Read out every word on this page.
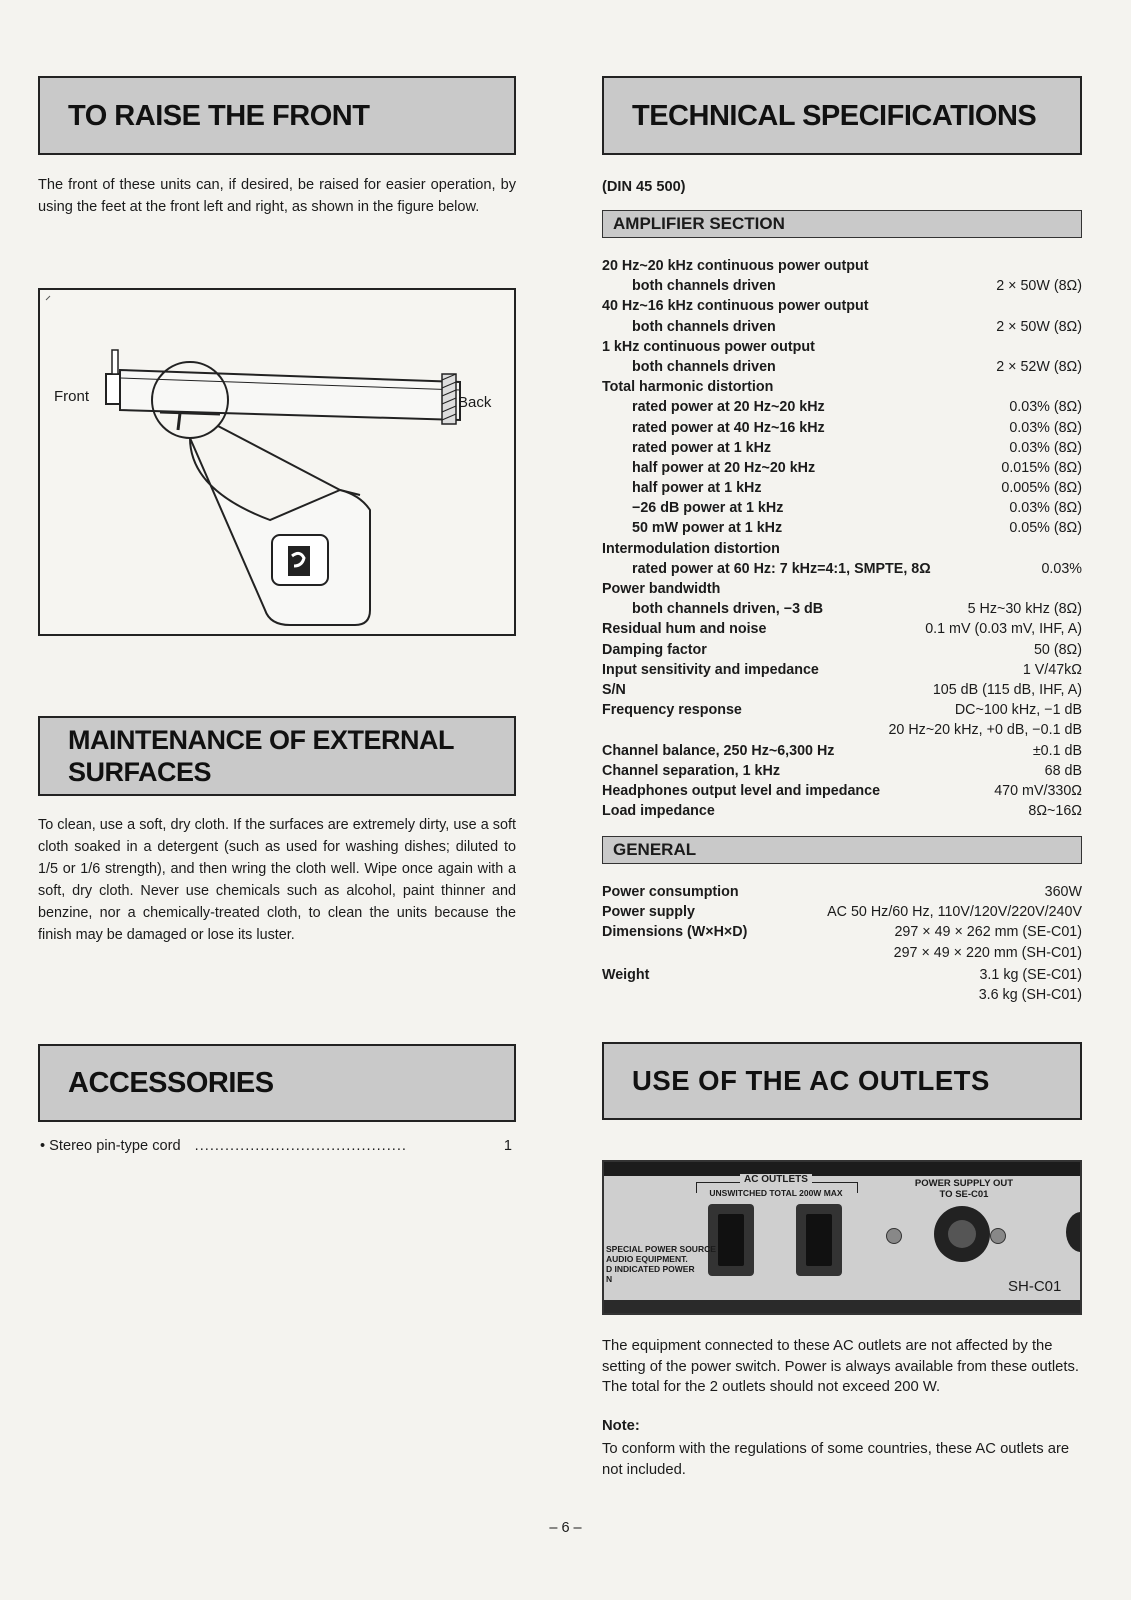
TO RAISE THE FRONT

The front of these units can, if desired, be raised for easier operation, by using the feet at the front left and right, as shown in the figure below.

Front	Back
MAINTENANCE OF EXTERNAL
SURFACES

To clean, use a soft, dry cloth. If the surfaces are extremely dirty, use a soft cloth soaked in a detergent (such as used for washing dishes; diluted to 1/5 or 1/6 strength), and then wring the cloth well. Wipe once again with a soft, dry cloth. Never use chemicals such as alcohol, paint thinner and benzine, nor a chemically-treated cloth, to clean the units because the finish may be damaged or lose its luster.

ACCESSORIES
• Stereo pin-type cord ..........................................	1
TECHNICAL SPECIFICATIONS
(DIN 45 500)
AMPLIFIER SECTION
20 Hz~20 kHz continuous power output
both channels driven	2 × 50W (8Ω)
40 Hz~16 kHz continuous power output
both channels driven	2 × 50W (8Ω)
1 kHz continuous power output
both channels driven	2 × 52W (8Ω)
Total harmonic distortion
rated power at 20 Hz~20 kHz	0.03% (8Ω)
rated power at 40 Hz~16 kHz	0.03% (8Ω)
rated power at 1 kHz	0.03% (8Ω)
half power at 20 Hz~20 kHz	0.015% (8Ω)
half power at 1 kHz	0.005% (8Ω)
−26 dB power at 1 kHz	0.03% (8Ω)
50 mW power at 1 kHz	0.05% (8Ω)
Intermodulation distortion
rated power at 60 Hz: 7 kHz=4:1, SMPTE, 8Ω	0.03%
Power bandwidth
both channels driven, −3 dB	5 Hz~30 kHz (8Ω)
Residual hum and noise	0.1 mV (0.03 mV, IHF, A)
Damping factor	50 (8Ω)
Input sensitivity and impedance	1 V/47kΩ
S/N	105 dB (115 dB, IHF, A)
Frequency response	DC~100 kHz, −1 dB
20 Hz~20 kHz, +0 dB, −0.1 dB
Channel balance, 250 Hz~6,300 Hz	±0.1 dB
Channel separation, 1 kHz	68 dB
Headphones output level and impedance	470 mV/330Ω
Load impedance	8Ω~16Ω
GENERAL
Power consumption	360W
Power supply	AC 50 Hz/60 Hz, 110V/120V/220V/240V
Dimensions (W×H×D)	297 × 49 × 262 mm (SE-C01)
297 × 49 × 220 mm (SH-C01)
Weight	3.1 kg (SE-C01)
3.6 kg (SH-C01)
USE OF THE AC OUTLETS
AC OUTLETS
UNSWITCHED TOTAL 200W MAX
POWER SUPPLY OUT
TO SE-C01
SPECIAL POWER SOURCE
AUDIO EQUIPMENT.
D INDICATED POWER
N	SH-C01

The equipment connected to these AC outlets are not affected by the setting of the power switch. Power is always available from these outlets. The total for the 2 outlets should not exceed 200 W.

Note:

To conform with the regulations of some countries, these AC outlets are not included.

– 6 –
